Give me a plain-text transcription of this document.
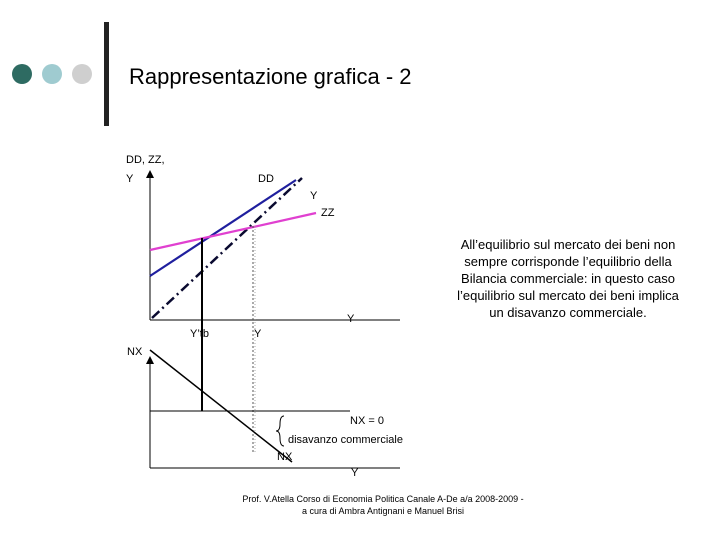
Rappresentazione grafica - 2
DD, ZZ,
Y	DD
Y
ZZ
Y
Y’tb	Y
NX
NX = 0
disavanzo commerciale
NX
Y
All’equilibrio sul mercato dei beni non sempre corrisponde l’equilibrio della Bilancia commerciale: in questo caso l’equilibrio sul mercato dei beni implica un disavanzo commerciale.
Prof. V.Atella Corso di Economia Politica Canale A-De a/a 2008-2009 -
a cura di Ambra Antignani e Manuel Brisi
